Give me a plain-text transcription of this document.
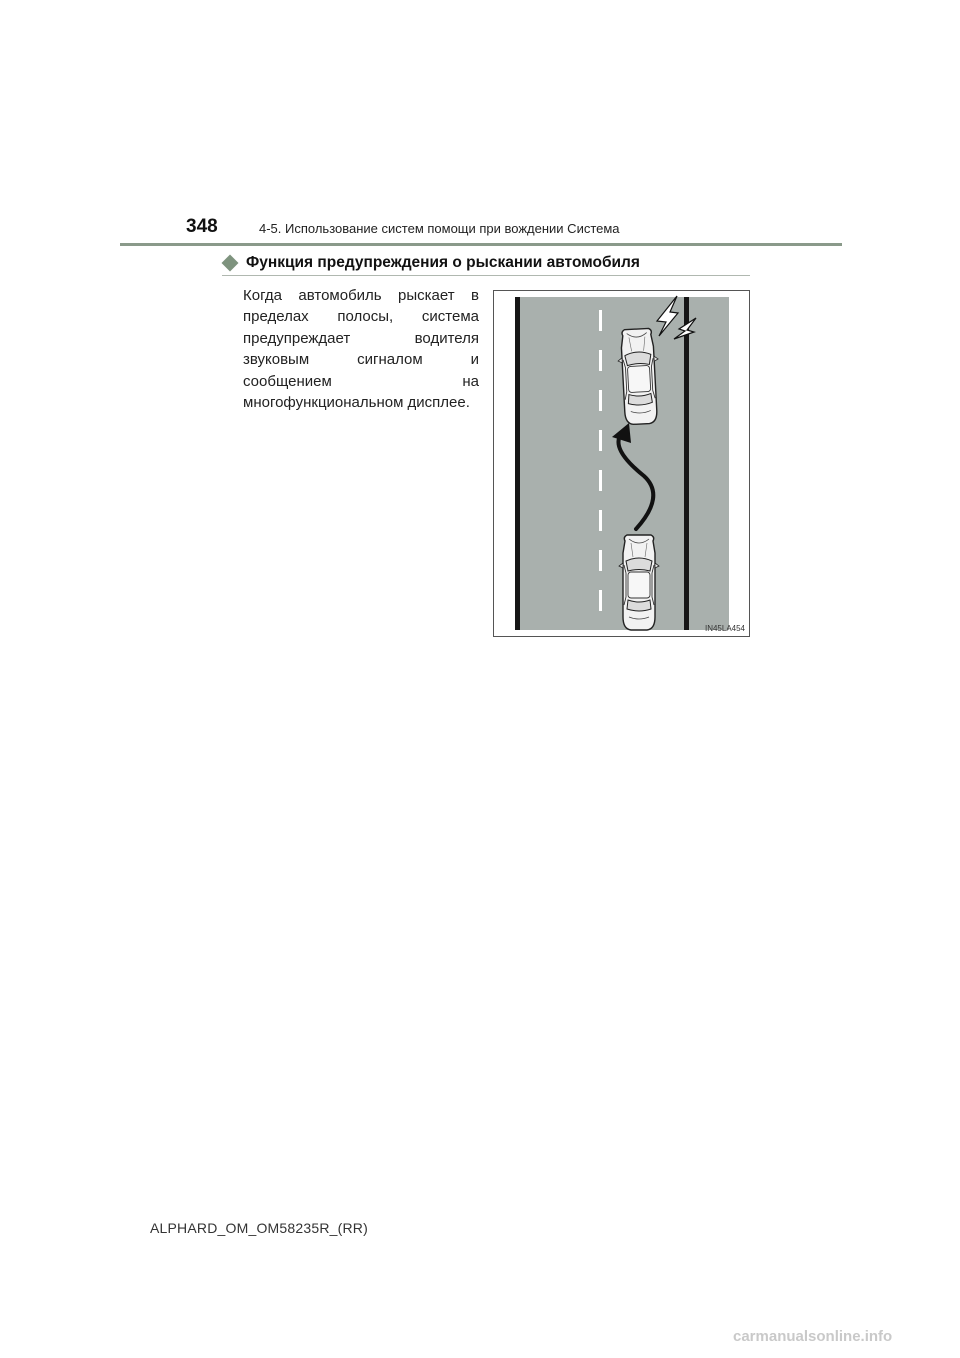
348	4-5. Использование систем помощи при вождении Система
Функция предупреждения о рыскании автомобиля
Когда автомобиль рыскает в
пределах полосы, система
предупреждает водителя
звуковым сигналом и
сообщением на
многофункциональном дисплее.
IN45LA454
ALPHARD_OM_OM58235R_(RR)
carmanualsonline.info
